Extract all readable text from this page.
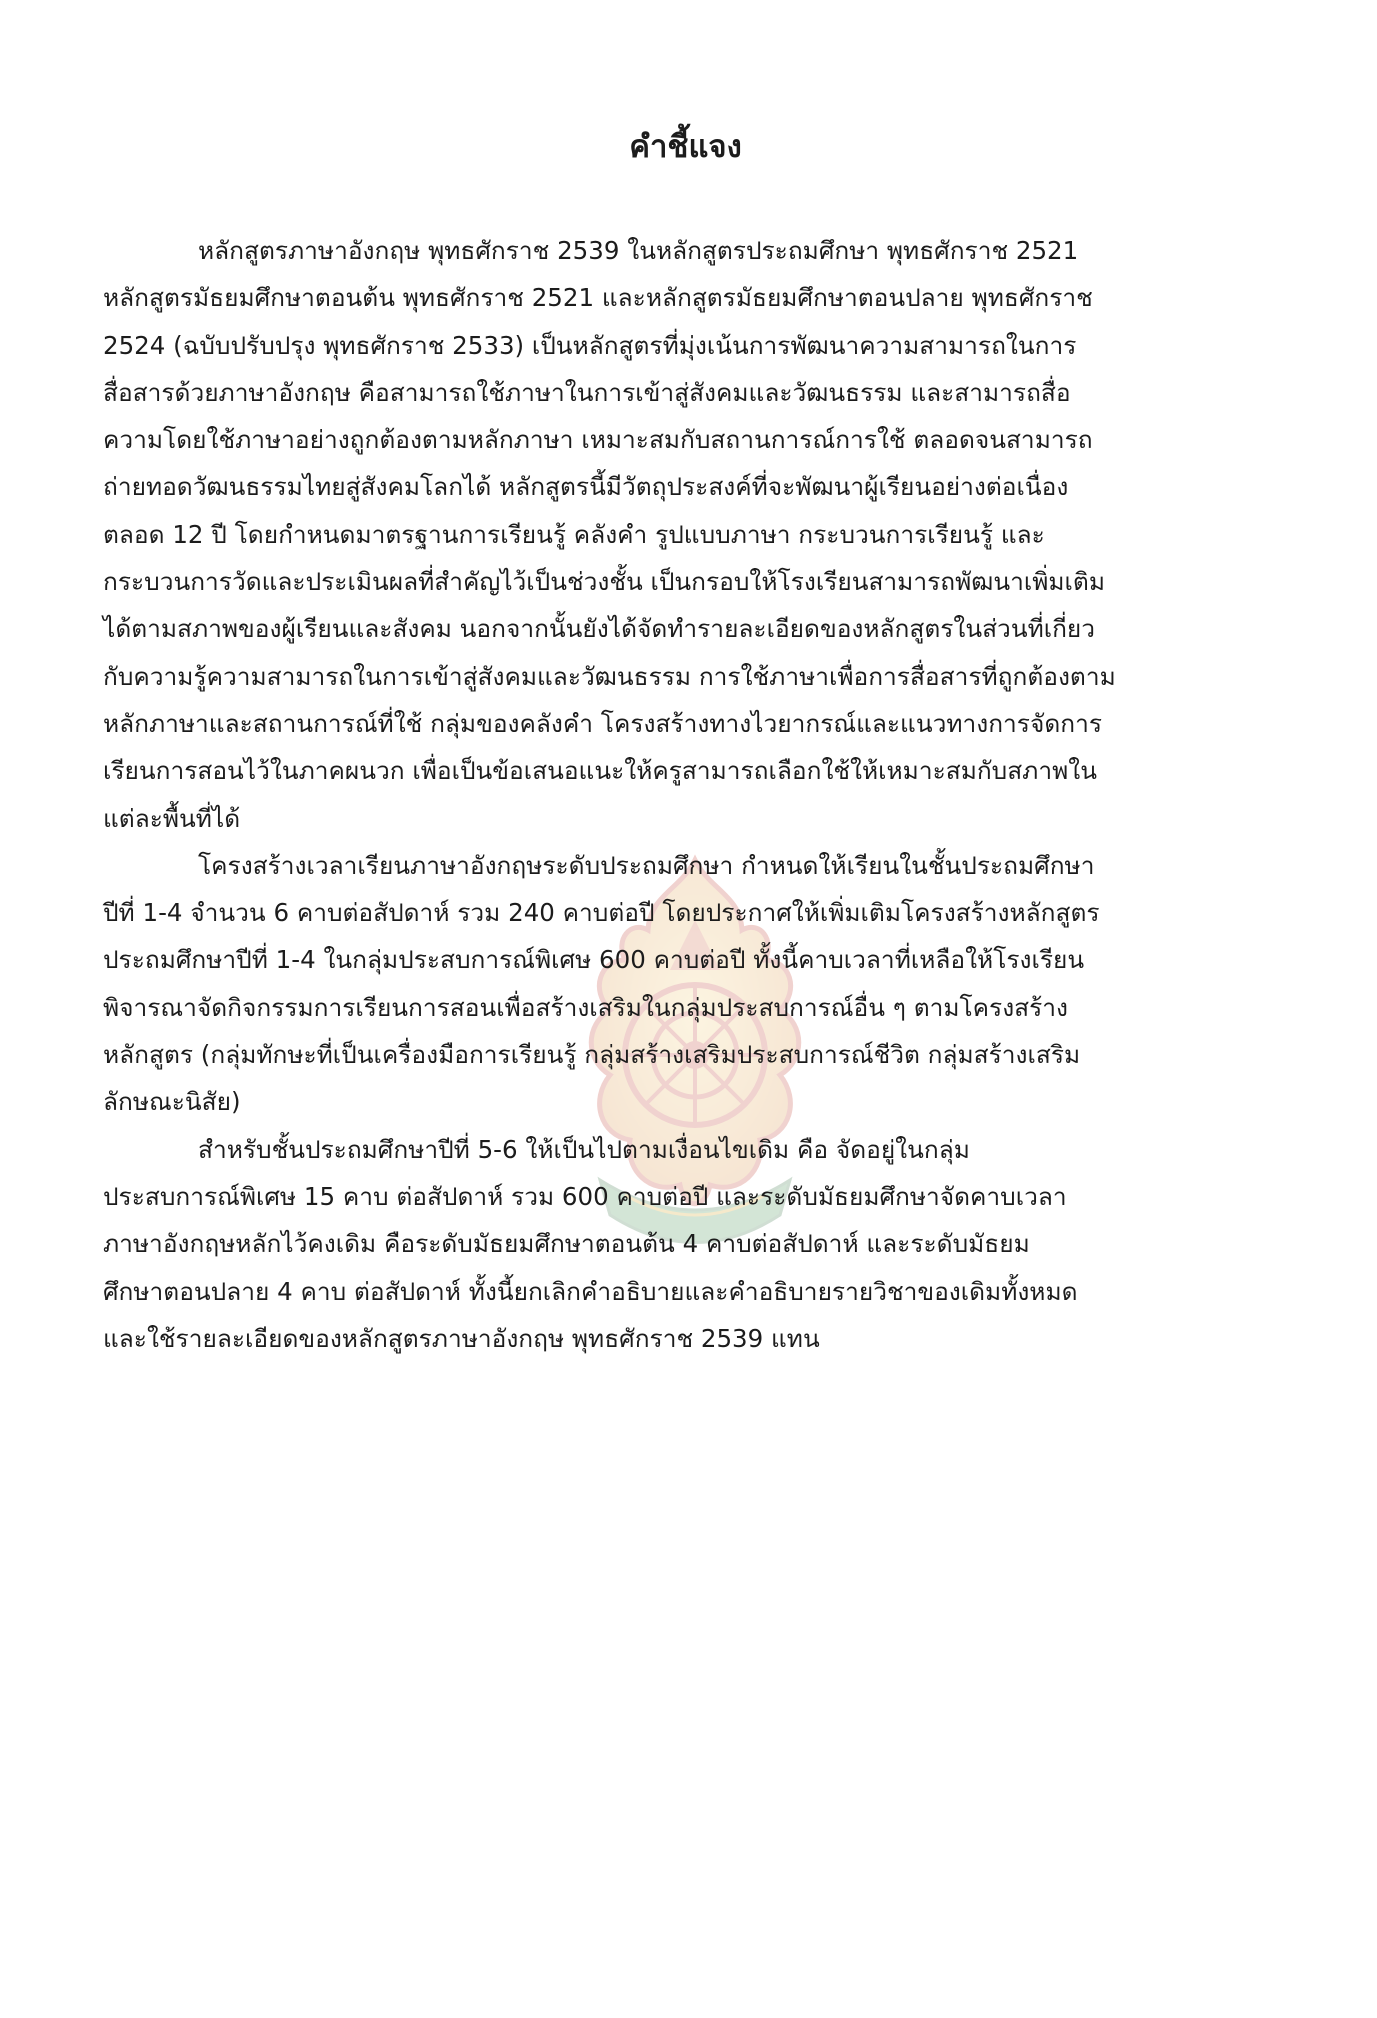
คำชี้แจง

หลักสูตรภาษาอังกฤษ พุทธศักราช 2539 ในหลักสูตรประถมศึกษา พุทธศักราช 2521
หลักสูตรมัธยมศึกษาตอนต้น พุทธศักราช 2521 และหลักสูตรมัธยมศึกษาตอนปลาย พุทธศักราช
2524 (ฉบับปรับปรุง พุทธศักราช 2533) เป็นหลักสูตรที่มุ่งเน้นการพัฒนาความสามารถในการ
สื่อสารด้วยภาษาอังกฤษ คือสามารถใช้ภาษาในการเข้าสู่สังคมและวัฒนธรรม และสามารถสื่อ
ความโดยใช้ภาษาอย่างถูกต้องตามหลักภาษา เหมาะสมกับสถานการณ์การใช้ ตลอดจนสามารถ
ถ่ายทอดวัฒนธรรมไทยสู่สังคมโลกได้ หลักสูตรนี้มีวัตถุประสงค์ที่จะพัฒนาผู้เรียนอย่างต่อเนื่อง
ตลอด 12 ปี โดยกำหนดมาตรฐานการเรียนรู้ คลังคำ รูปแบบภาษา กระบวนการเรียนรู้ และ
กระบวนการวัดและประเมินผลที่สำคัญไว้เป็นช่วงชั้น เป็นกรอบให้โรงเรียนสามารถพัฒนาเพิ่มเติม
ได้ตามสภาพของผู้เรียนและสังคม นอกจากนั้นยังได้จัดทำรายละเอียดของหลักสูตรในส่วนที่เกี่ยว
กับความรู้ความสามารถในการเข้าสู่สังคมและวัฒนธรรม การใช้ภาษาเพื่อการสื่อสารที่ถูกต้องตาม
หลักภาษาและสถานการณ์ที่ใช้ กลุ่มของคลังคำ โครงสร้างทางไวยากรณ์และแนวทางการจัดการ
เรียนการสอนไว้ในภาคผนวก เพื่อเป็นข้อเสนอแนะให้ครูสามารถเลือกใช้ให้เหมาะสมกับสภาพใน
แต่ละพื้นที่ได้

โครงสร้างเวลาเรียนภาษาอังกฤษระดับประถมศึกษา กำหนดให้เรียนในชั้นประถมศึกษา
ปีที่ 1-4 จำนวน 6 คาบต่อสัปดาห์ รวม 240 คาบต่อปี โดยประกาศให้เพิ่มเติมโครงสร้างหลักสูตร
ประถมศึกษาปีที่ 1-4 ในกลุ่มประสบการณ์พิเศษ 600 คาบต่อปี ทั้งนี้คาบเวลาที่เหลือให้โรงเรียน
พิจารณาจัดกิจกรรมการเรียนการสอนเพื่อสร้างเสริมในกลุ่มประสบการณ์อื่น ๆ ตามโครงสร้าง
หลักสูตร (กลุ่มทักษะที่เป็นเครื่องมือการเรียนรู้ กลุ่มสร้างเสริมประสบการณ์ชีวิต กลุ่มสร้างเสริม
ลักษณะนิสัย)

สำหรับชั้นประถมศึกษาปีที่ 5-6 ให้เป็นไปตามเงื่อนไขเดิม คือ จัดอยู่ในกลุ่ม
ประสบการณ์พิเศษ 15 คาบ ต่อสัปดาห์ รวม 600 คาบต่อปี และระดับมัธยมศึกษาจัดคาบเวลา
ภาษาอังกฤษหลักไว้คงเดิม คือระดับมัธยมศึกษาตอนต้น 4 คาบต่อสัปดาห์ และระดับมัธยม
ศึกษาตอนปลาย 4 คาบ ต่อสัปดาห์ ทั้งนี้ยกเลิกคำอธิบายและคำอธิบายรายวิชาของเดิมทั้งหมด
และใช้รายละเอียดของหลักสูตรภาษาอังกฤษ พุทธศักราช 2539 แทน
